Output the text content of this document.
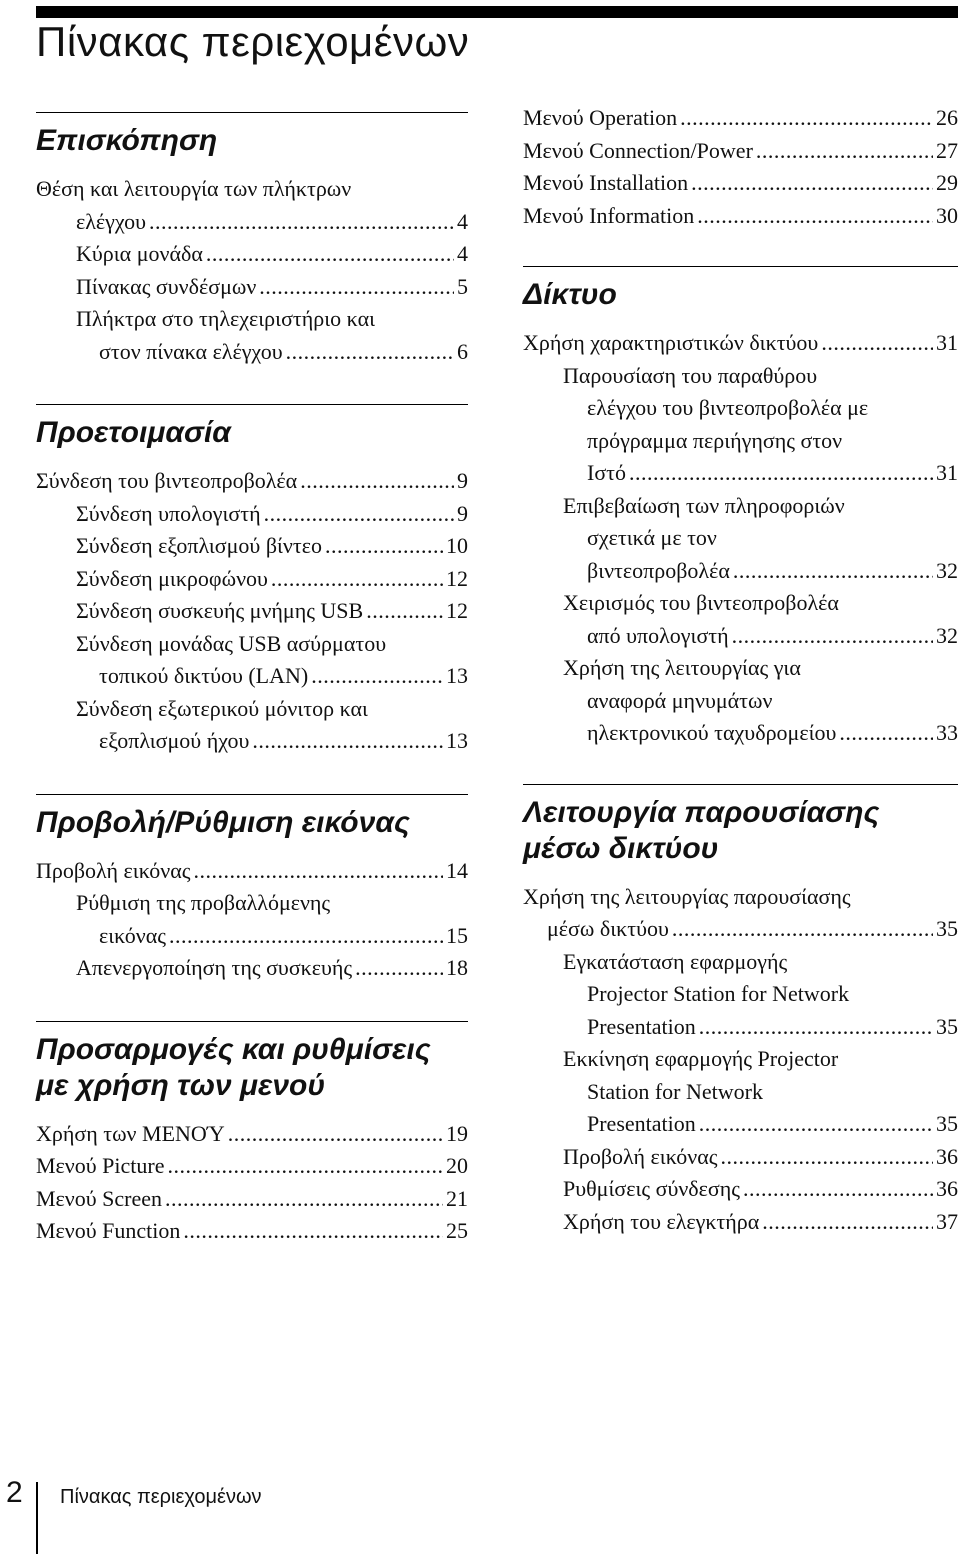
Πίνακας περιεχομένων
Επισκόπηση
Θέση και λειτουργία των πλήκτρων
ελέγχου .....	4
Κύρια μονάδα .....	4
Πίνακας συνδέσμων .....	5
Πλήκτρα στο τηλεχειριστήριο και
στον πίνακα ελέγχου .....	6
Προετοιμασία
Σύνδεση του βιντεοπροβολέα .....	9
Σύνδεση υπολογιστή .....	9
Σύνδεση εξοπλισμού βίντεο .....	10
Σύνδεση μικροφώνου .....	12
Σύνδεση συσκευής μνήμης USB .....	12
Σύνδεση μονάδας USB ασύρματου
τοπικού δικτύου (LAN) .....	13
Σύνδεση εξωτερικού μόνιτορ και
εξοπλισμού ήχου .....	13
Προβολή/Ρύθμιση εικόνας
Προβολή εικόνας .....	14
Ρύθμιση της προβαλλόμενης
εικόνας .....	15
Απενεργοποίηση της συσκευής .....	18
Προσαρμογές και ρυθμίσεις
με χρήση των μενού
Χρήση των ΜΕΝΟΎ .....	19
Μενού Picture .....	20
Μενού Screen .....	21
Μενού Function .....	25
Μενού Operation .....	26
Μενού Connection/Power .....	27
Μενού Installation .....	29
Μενού Information .....	30
Δίκτυο
Χρήση χαρακτηριστικών δικτύου .....	31
Παρουσίαση του παραθύρου
ελέγχου του βιντεοπροβολέα με
πρόγραμμα περιήγησης στον
Ιστό .....	31
Επιβεβαίωση των πληροφοριών
σχετικά με τον
βιντεοπροβολέα .....	32
Χειρισμός του βιντεοπροβολέα
από υπολογιστή .....	32
Χρήση της λειτουργίας για
αναφορά μηνυμάτων
ηλεκτρονικού ταχυδρομείου .....	33
Λειτουργία παρουσίασης
μέσω δικτύου
Χρήση της λειτουργίας παρουσίασης
μέσω δικτύου .....	35
Εγκατάσταση εφαρμογής
Projector Station for Network
Presentation .....	35
Εκκίνηση εφαρμογής Projector
Station for Network
Presentation .....	35
Προβολή εικόνας .....	36
Ρυθμίσεις σύνδεσης .....	36
Χρήση του ελεγκτήρα .....	37
2 Πίνακας περιεχομένων
